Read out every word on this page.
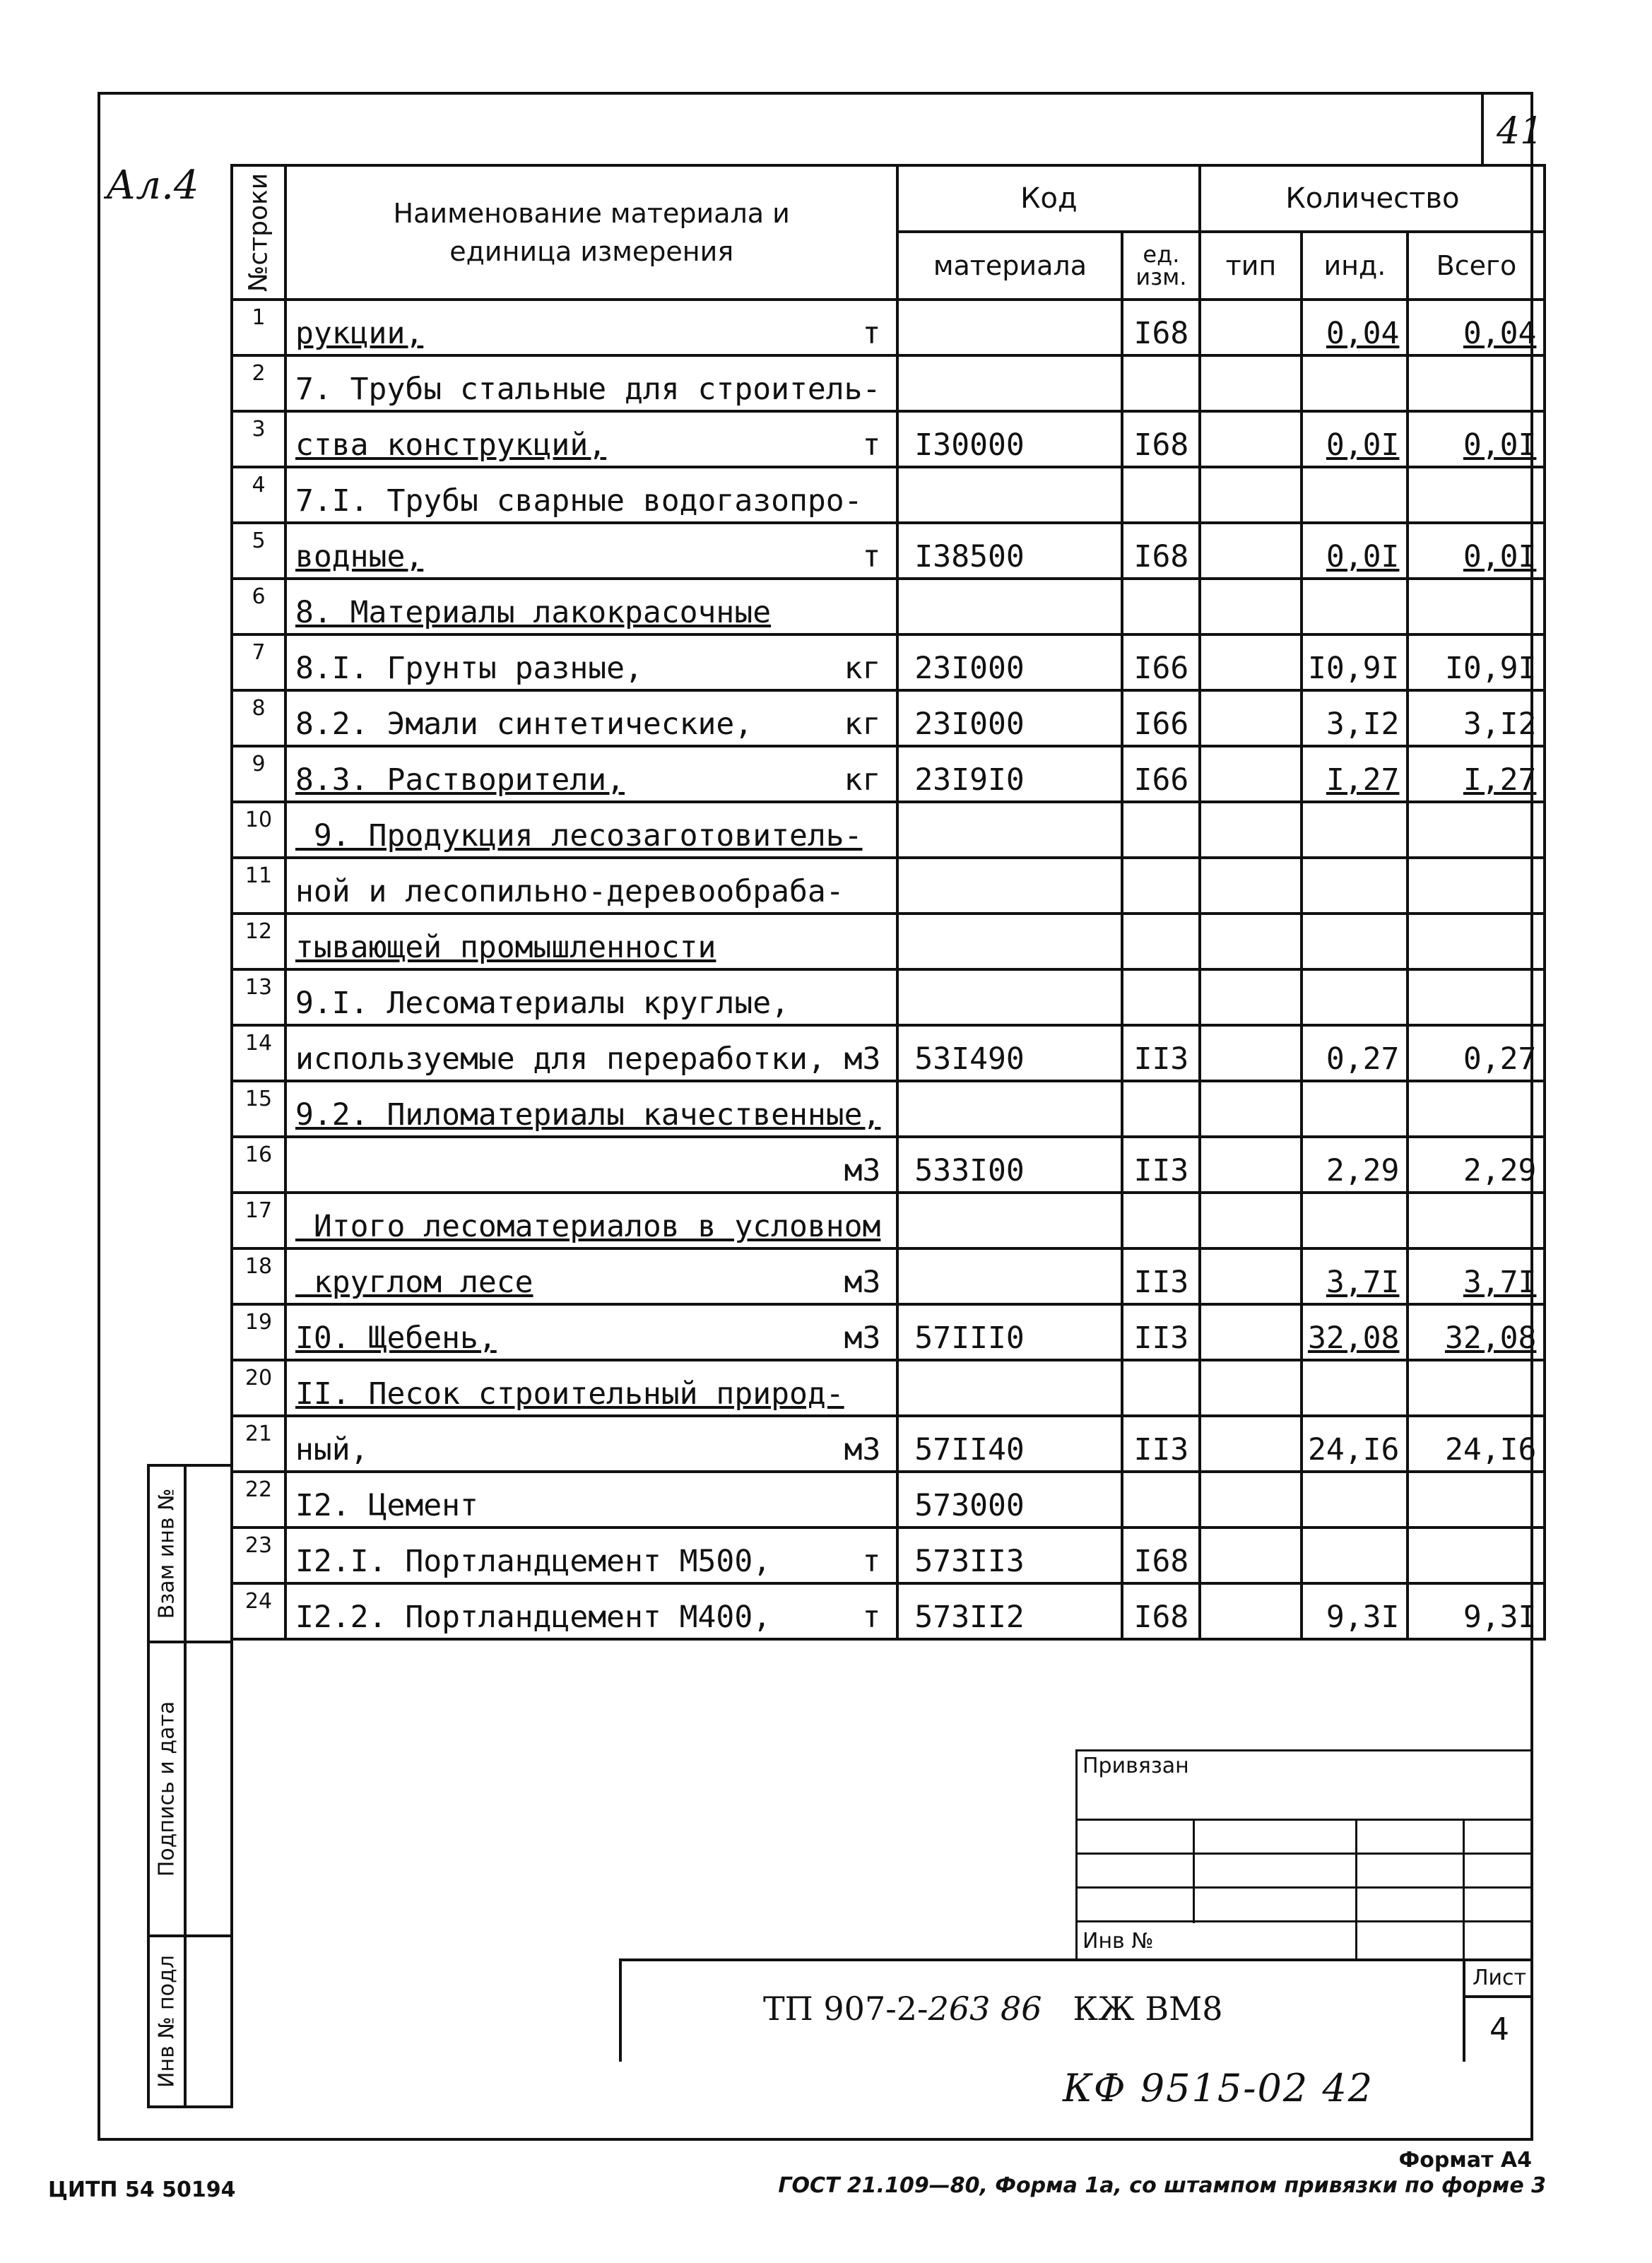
41
Ал.4 №строки	Наименование материала и единица измерения	Код		Количество		
		материала	ед. изм.	тип	инд.	Всего
1	рукции, т		I68		0,04	0,04
2	7. Трубы стальные для строитель-					

3	ства конструкций, т	I30000	I68		0,0I	0,0I
4	7.I. Трубы сварные водогазопро-					

5	водные, т	I38500	I68		0,0I	0,0I
6	8. Материалы лакокрасочные					

7	8.I. Грунты разные, кг	23I000	I66		I0,9I	I0,9I
8	8.2. Эмали синтетические, кг	23I000	I66		3,I2	3,I2
9	8.3. Растворители, кг	23I9I0	I66		I,27	I,27
10	9. Продукция лесозаготовитель-					

11	ной и лесопильно-деревообраба-					

12	тывающей промышленности					

13	9.I. Лесоматериалы круглые,					

14	используемые для переработки, м3	53I490	II3		0,27	0,27
15	9.2. Пиломатериалы качественные,					

16	м3	533I00	II3		2,29	2,29
17	Итого лесоматериалов в условном					

18	круглом лесе м3		II3		3,7I	3,7I
19	I0. Щебень, м3	57III0	II3		32,08	32,08
20	II. Песок строительный природ-					

21	ный, м3	57II40	II3		24,I6	24,I6
22	I2. Цемент	573000				
23	I2.I. Портландцемент М500, т	573II3	I68			
24	I2.2. Портландцемент М400, т	573II2	I68		9,3I	9,3I
Взам инв №
Подпись и дата
Инв № подл
Привязан
Инв №
ТП 907-2-263 86 КЖ ВМ8
Лист
4
КФ 9515-02 42
Формат А4
ЦИТП 54 50194	ГОСТ 21.109—80, Форма 1а, со штампом привязки по форме 3
